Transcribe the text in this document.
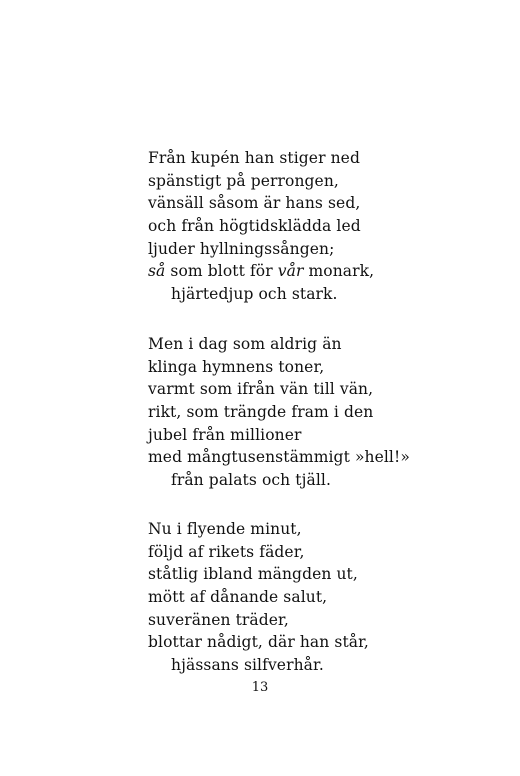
Från kupén han stiger ned
spänstigt på perrongen,
vänsäll såsom är hans sed,
och från högtidsklädda led
ljuder hyllningssången;
så som blott för vår monark,
hjärtedjup och stark.
Men i dag som aldrig än
klinga hymnens toner,
varmt som ifrån vän till vän,
rikt, som trängde fram i den
jubel från millioner
med mångtusenstämmigt »hell!»
från palats och tjäll.
Nu i flyende minut,
följd af rikets fäder,
ståtlig ibland mängden ut,
mött af dånande salut,
suveränen träder,
blottar nådigt, där han står,
hjässans silfverhår.
13
